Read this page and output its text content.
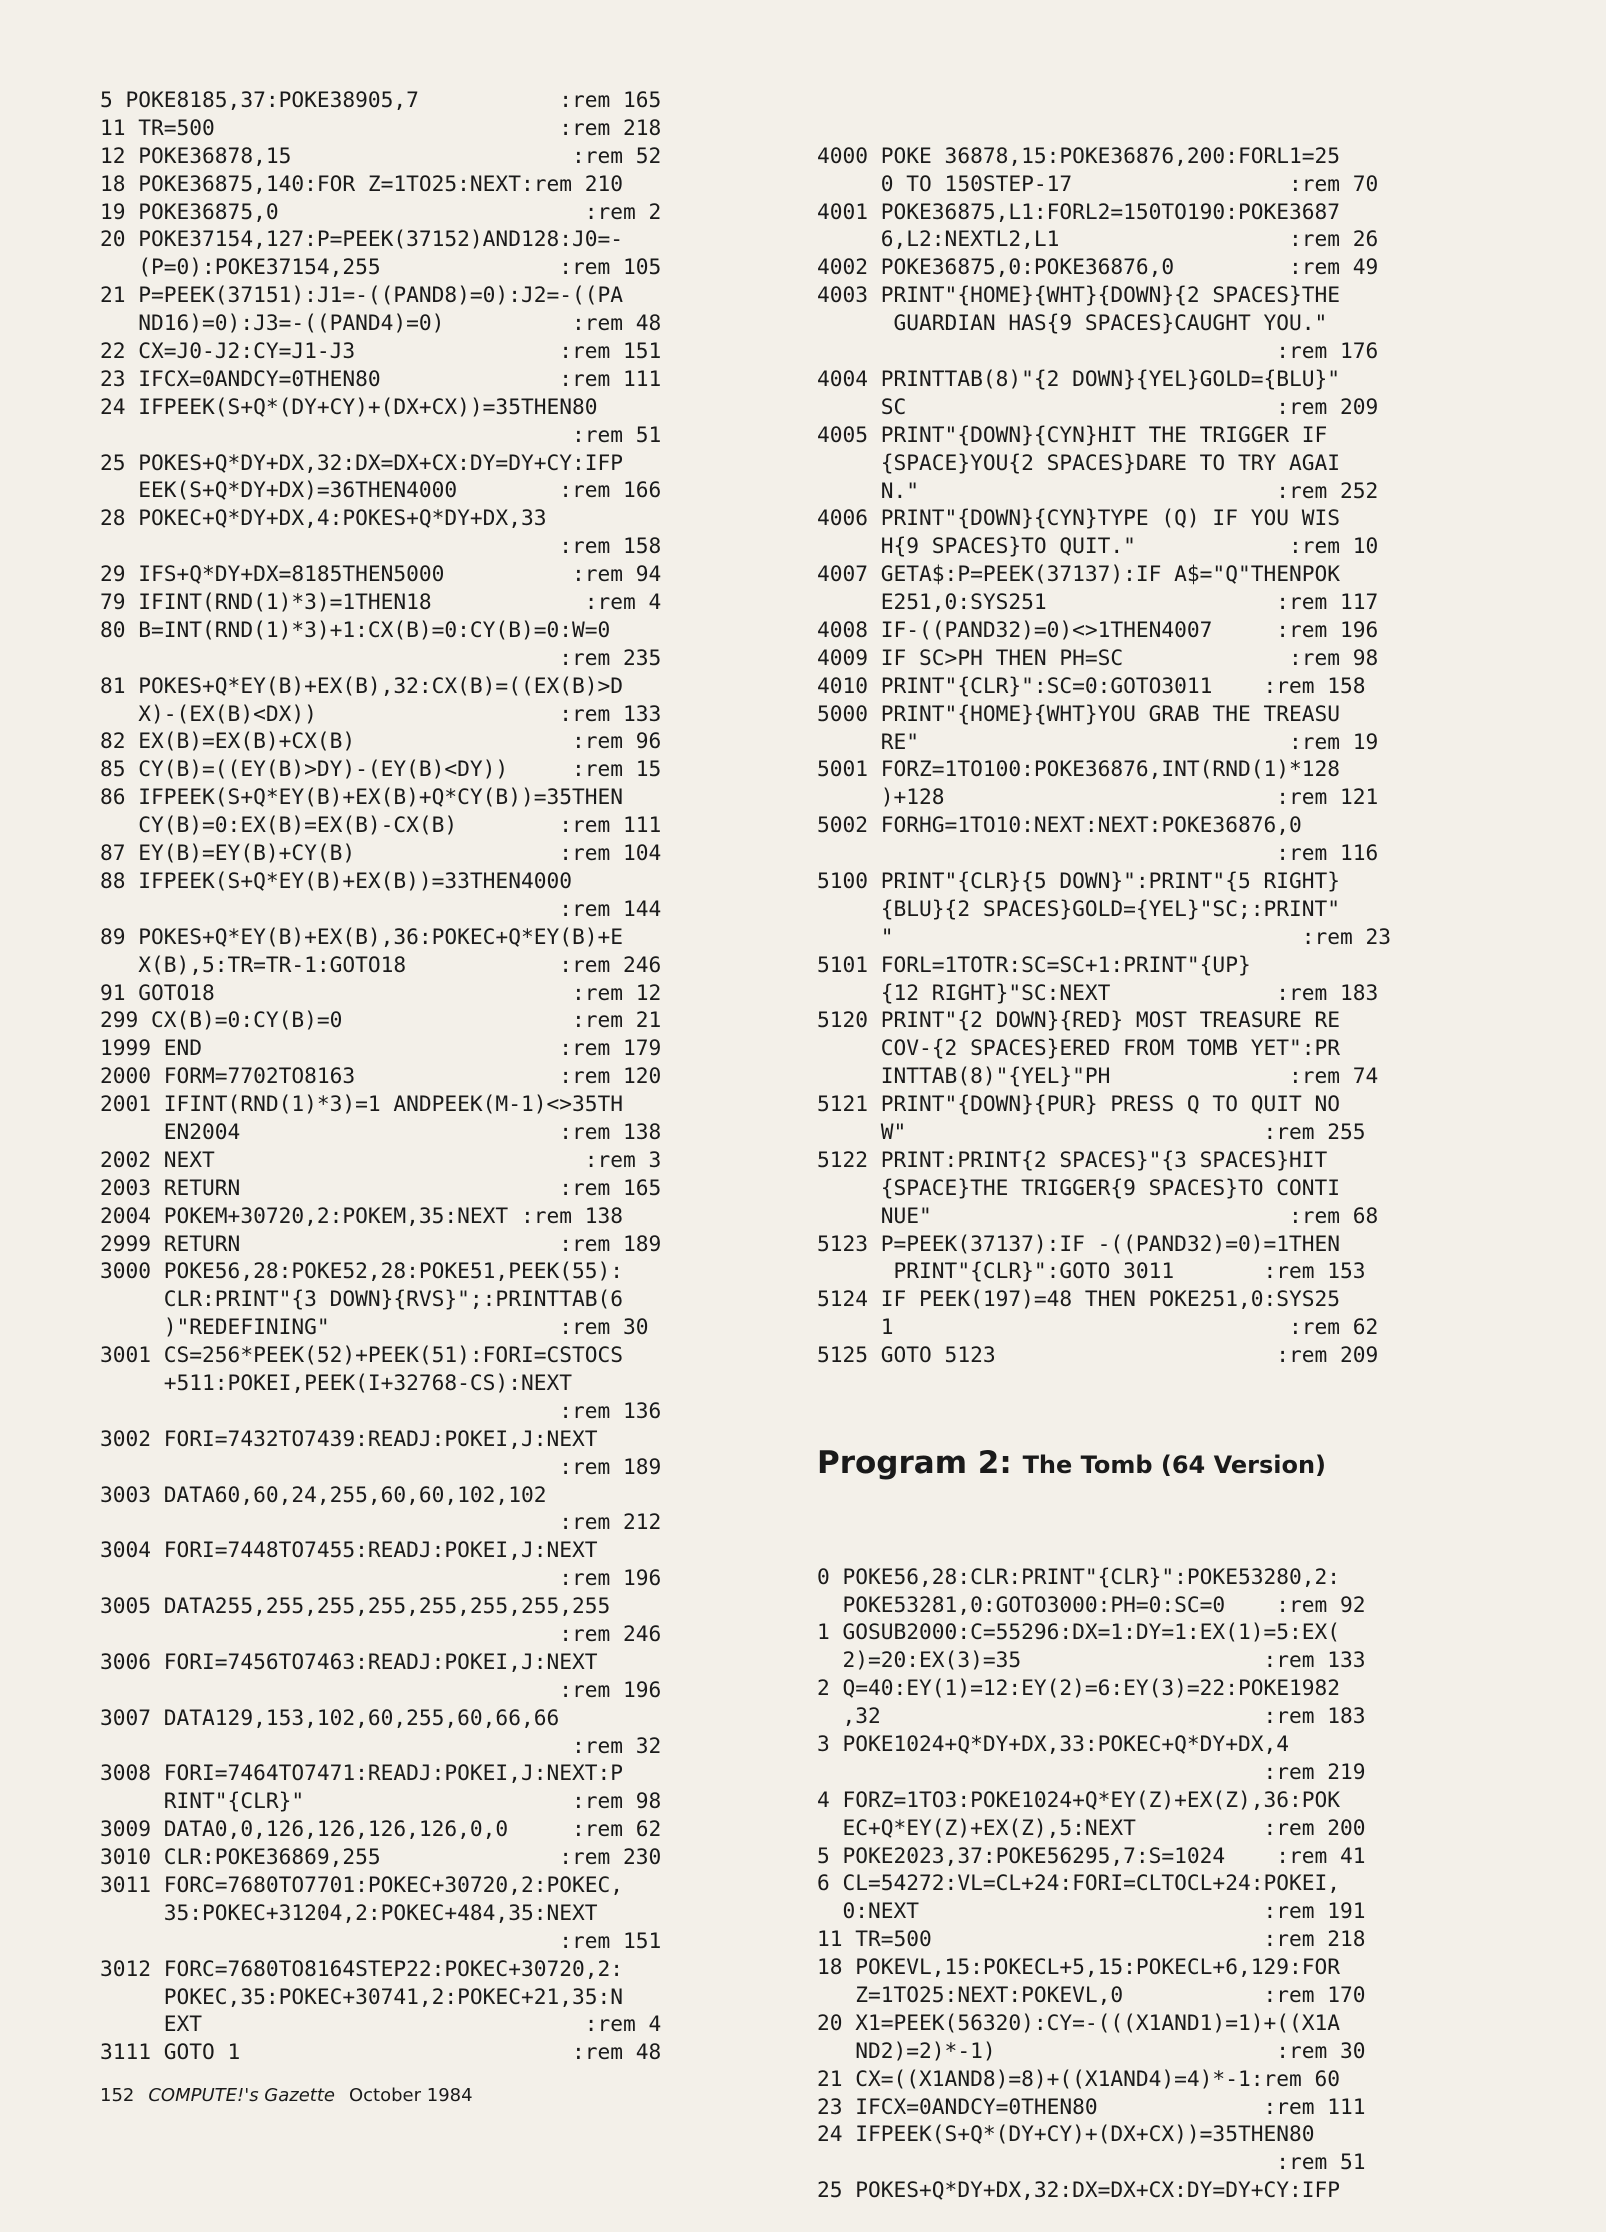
5 POKE8185,37:POKE38905,7           :rem 165
11 TR=500                           :rem 218
12 POKE36878,15                      :rem 52
18 POKE36875,140:FOR Z=1TO25:NEXT:rem 210
19 POKE36875,0                        :rem 2
20 POKE37154,127:P=PEEK(37152)AND128:J0=-
(P=0):POKE37154,255              :rem 105
21 P=PEEK(37151):J1=-((PAND8)=0):J2=-((PA
ND16)=0):J3=-((PAND4)=0)          :rem 48
22 CX=J0-J2:CY=J1-J3                :rem 151
23 IFCX=0ANDCY=0THEN80              :rem 111
24 IFPEEK(S+Q*(DY+CY)+(DX+CX))=35THEN80
:rem 51
25 POKES+Q*DY+DX,32:DX=DX+CX:DY=DY+CY:IFP
EEK(S+Q*DY+DX)=36THEN4000        :rem 166
28 POKEC+Q*DY+DX,4:POKES+Q*DY+DX,33
:rem 158
29 IFS+Q*DY+DX=8185THEN5000          :rem 94
79 IFINT(RND(1)*3)=1THEN18            :rem 4
80 B=INT(RND(1)*3)+1:CX(B)=0:CY(B)=0:W=0
:rem 235
81 POKES+Q*EY(B)+EX(B),32:CX(B)=((EX(B)>D
X)-(EX(B)<DX))                   :rem 133
82 EX(B)=EX(B)+CX(B)                 :rem 96
85 CY(B)=((EY(B)>DY)-(EY(B)<DY))     :rem 15
86 IFPEEK(S+Q*EY(B)+EX(B)+Q*CY(B))=35THEN
CY(B)=0:EX(B)=EX(B)-CX(B)        :rem 111
87 EY(B)=EY(B)+CY(B)                :rem 104
88 IFPEEK(S+Q*EY(B)+EX(B))=33THEN4000
:rem 144
89 POKES+Q*EY(B)+EX(B),36:POKEC+Q*EY(B)+E
X(B),5:TR=TR-1:GOTO18            :rem 246
91 GOTO18                            :rem 12
299 CX(B)=0:CY(B)=0                  :rem 21
1999 END                            :rem 179
2000 FORM=7702TO8163                :rem 120
2001 IFINT(RND(1)*3)=1 ANDPEEK(M-1)<>35TH
EN2004                         :rem 138
2002 NEXT                             :rem 3
2003 RETURN                         :rem 165
2004 POKEM+30720,2:POKEM,35:NEXT :rem 138
2999 RETURN                         :rem 189
3000 POKE56,28:POKE52,28:POKE51,PEEK(55):
CLR:PRINT"{3 DOWN}{RVS}";:PRINTTAB(6
)"REDEFINING"                  :rem 30
3001 CS=256*PEEK(52)+PEEK(51):FORI=CSTOCS
+511:POKEI,PEEK(I+32768-CS):NEXT
:rem 136
3002 FORI=7432TO7439:READJ:POKEI,J:NEXT
:rem 189
3003 DATA60,60,24,255,60,60,102,102
:rem 212
3004 FORI=7448TO7455:READJ:POKEI,J:NEXT
:rem 196
3005 DATA255,255,255,255,255,255,255,255
:rem 246
3006 FORI=7456TO7463:READJ:POKEI,J:NEXT
:rem 196
3007 DATA129,153,102,60,255,60,66,66
:rem 32
3008 FORI=7464TO7471:READJ:POKEI,J:NEXT:P
RINT"{CLR}"                     :rem 98
3009 DATA0,0,126,126,126,126,0,0     :rem 62
3010 CLR:POKE36869,255              :rem 230
3011 FORC=7680TO7701:POKEC+30720,2:POKEC,
35:POKEC+31204,2:POKEC+484,35:NEXT
:rem 151
3012 FORC=7680TO8164STEP22:POKEC+30720,2:
POKEC,35:POKEC+30741,2:POKEC+21,35:N
EXT                              :rem 4
3111 GOTO 1                          :rem 48

4000 POKE 36878,15:POKE36876,200:FORL1=25
0 TO 150STEP-17                 :rem 70
4001 POKE36875,L1:FORL2=150TO190:POKE3687
6,L2:NEXTL2,L1                  :rem 26
4002 POKE36875,0:POKE36876,0         :rem 49
4003 PRINT"{HOME}{WHT}{DOWN}{2 SPACES}THE
GUARDIAN HAS{9 SPACES}CAUGHT YOU."
:rem 176
4004 PRINTTAB(8)"{2 DOWN}{YEL}GOLD={BLU}"
SC                             :rem 209
4005 PRINT"{DOWN}{CYN}HIT THE TRIGGER IF
{SPACE}YOU{2 SPACES}DARE TO TRY AGAI
N."                            :rem 252
4006 PRINT"{DOWN}{CYN}TYPE (Q) IF YOU WIS
H{9 SPACES}TO QUIT."            :rem 10
4007 GETA$:P=PEEK(37137):IF A$="Q"THENPOK
E251,0:SYS251                  :rem 117
4008 IF-((PAND32)=0)<>1THEN4007     :rem 196
4009 IF SC>PH THEN PH=SC             :rem 98
4010 PRINT"{CLR}":SC=0:GOTO3011    :rem 158
5000 PRINT"{HOME}{WHT}YOU GRAB THE TREASU
RE"                             :rem 19
5001 FORZ=1TO100:POKE36876,INT(RND(1)*128
)+128                          :rem 121
5002 FORHG=1TO10:NEXT:NEXT:POKE36876,0
:rem 116
5100 PRINT"{CLR}{5 DOWN}":PRINT"{5 RIGHT}
{BLU}{2 SPACES}GOLD={YEL}"SC;:PRINT"
"                                :rem 23
5101 FORL=1TOTR:SC=SC+1:PRINT"{UP}
{12 RIGHT}"SC:NEXT             :rem 183
5120 PRINT"{2 DOWN}{RED} MOST TREASURE RE
COV-{2 SPACES}ERED FROM TOMB YET":PR
INTTAB(8)"{YEL}"PH              :rem 74
5121 PRINT"{DOWN}{PUR} PRESS Q TO QUIT NO
W"                            :rem 255
5122 PRINT:PRINT{2 SPACES}"{3 SPACES}HIT
{SPACE}THE TRIGGER{9 SPACES}TO CONTI
NUE"                            :rem 68
5123 P=PEEK(37137):IF -((PAND32)=0)=1THEN
PRINT"{CLR}":GOTO 3011       :rem 153
5124 IF PEEK(197)=48 THEN POKE251,0:SYS25
1                               :rem 62
5125 GOTO 5123                      :rem 209

Program 2: The Tomb (64 Version)

0 POKE56,28:CLR:PRINT"{CLR}":POKE53280,2:
POKE53281,0:GOTO3000:PH=0:SC=0    :rem 92
1 GOSUB2000:C=55296:DX=1:DY=1:EX(1)=5:EX(
2)=20:EX(3)=35                   :rem 133
2 Q=40:EY(1)=12:EY(2)=6:EY(3)=22:POKE1982
,32                              :rem 183
3 POKE1024+Q*DY+DX,33:POKEC+Q*DY+DX,4
:rem 219
4 FORZ=1TO3:POKE1024+Q*EY(Z)+EX(Z),36:POK
EC+Q*EY(Z)+EX(Z),5:NEXT          :rem 200
5 POKE2023,37:POKE56295,7:S=1024    :rem 41
6 CL=54272:VL=CL+24:FORI=CLTOCL+24:POKEI,
0:NEXT                           :rem 191
11 TR=500                          :rem 218
18 POKEVL,15:POKECL+5,15:POKECL+6,129:FOR
Z=1TO25:NEXT:POKEVL,0           :rem 170
20 X1=PEEK(56320):CY=-(((X1AND1)=1)+((X1A
ND2)=2)*-1)                      :rem 30
21 CX=((X1AND8)=8)+((X1AND4)=4)*-1:rem 60
23 IFCX=0ANDCY=0THEN80             :rem 111
24 IFPEEK(S+Q*(DY+CY)+(DX+CX))=35THEN80
:rem 51
25 POKES+Q*DY+DX,32:DX=DX+CX:DY=DY+CY:IFP

152 COMPUTE!'s Gazette October 1984
